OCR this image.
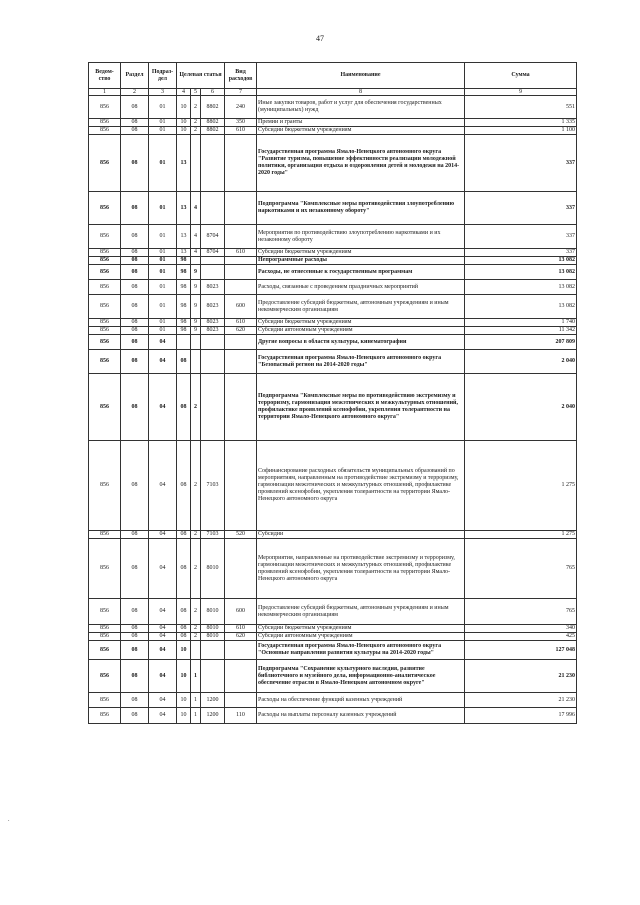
47
Ведом-ство	Раздел	Подраз-дел	Целевая статья			Вид расходов	Наименование	Сумма
1	2	3	4	5	6	7	8	9
856	08	01	10	2	8802	240	Иные закупки товаров, работ и услуг для обеспечения государственных (муниципальных) нужд	551
856	08	01	10	2	8802	350	Премии и гранты	1 335
856	08	01	10	2	8802	610	Субсидии бюджетным учреждениям	1 100
856	08	01	13				Государственная программа Ямало-Ненецкого автономного округа "Развитие туризма, повышение эффективности реализации молодежной политики, организация отдыха и оздоровления детей и молодежи на 2014-2020 годы"	337
856	08	01	13	4			Подпрограмма "Комплексные меры противодействия злоупотреблению наркотиками и их незаконному обороту"	337
856	08	01	13	4	8704		Мероприятия по противодействию злоупотреблению наркотиками и их незаконному обороту	337
856	08	01	13	4	8704	610	Субсидии бюджетным учреждениям	337
856	08	01	98				Непрограммные расходы	13 082
856	08	01	98	9			Расходы, не отнесенные к государственным программам	13 082
856	08	01	98	9	8023		Расходы, связанные с проведением праздничных мероприятий	13 082
856	08	01	98	9	8023	600	Предоставление субсидий бюджетным, автономным учреждениям и иным некоммерческим организациям	13 082
856	08	01	98	9	8023	610	Субсидии бюджетным учреждениям	1 740
856	08	01	98	9	8023	620	Субсидии автономным учреждениям	11 342
856	08	04					Другие вопросы в области культуры, кинематографии	207 809
856	08	04	08				Государственная программа Ямало-Ненецкого автономного округа "Безопасный регион на 2014-2020 годы"	2 040
856	08	04	08	2			Подпрограмма "Комплексные меры по противодействию экстремизму и терроризму, гармонизация межэтнических и межкультурных отношений, профилактике проявлений ксенофобии, укрепления толерантности на территории Ямало-Ненецкого автономного округа"	2 040
856	08	04	08	2	7103		Софинансирование расходных обязательств муниципальных образований по мероприятиям, направленным на противодействие экстремизму и терроризму, гармонизации межэтнических и межкультурных отношений, профилактике проявлений ксенофобии, укрепления толерантности на территории Ямало-Ненецкого автономного округа	1 275
856	08	04	08	2	7103	520	Субсидии	1 275
856	08	04	08	2	8010		Мероприятия, направленные на противодействие экстремизму и терроризму, гармонизации межэтнических и межкультурных отношений, профилактике проявлений ксенофобии, укрепления толерантности на территории Ямало-Ненецкого автономного округа	765
856	08	04	08	2	8010	600	Предоставление субсидий бюджетным, автономным учреждениям и иным некоммерческим организациям	765
856	08	04	08	2	8010	610	Субсидии бюджетным учреждениям	340
856	08	04	08	2	8010	620	Субсидии автономным учреждениям	425
856	08	04	10				Государственная программа Ямало-Ненецкого автономного округа "Основные направления развития культуры на 2014-2020 годы"	127 048
856	08	04	10	1			Подпрограмма "Сохранение культурного наследия, развитие библиотечного и музейного дела, информационно-аналитическое обеспечение отрасли в Ямало-Ненецком автономном округе"	21 230
856	08	04	10	1	1200		Расходы на обеспечение функций казенных учреждений	21 230
856	08	04	10	1	1200	110	Расходы на выплаты персоналу казенных учреждений	17 996
.
